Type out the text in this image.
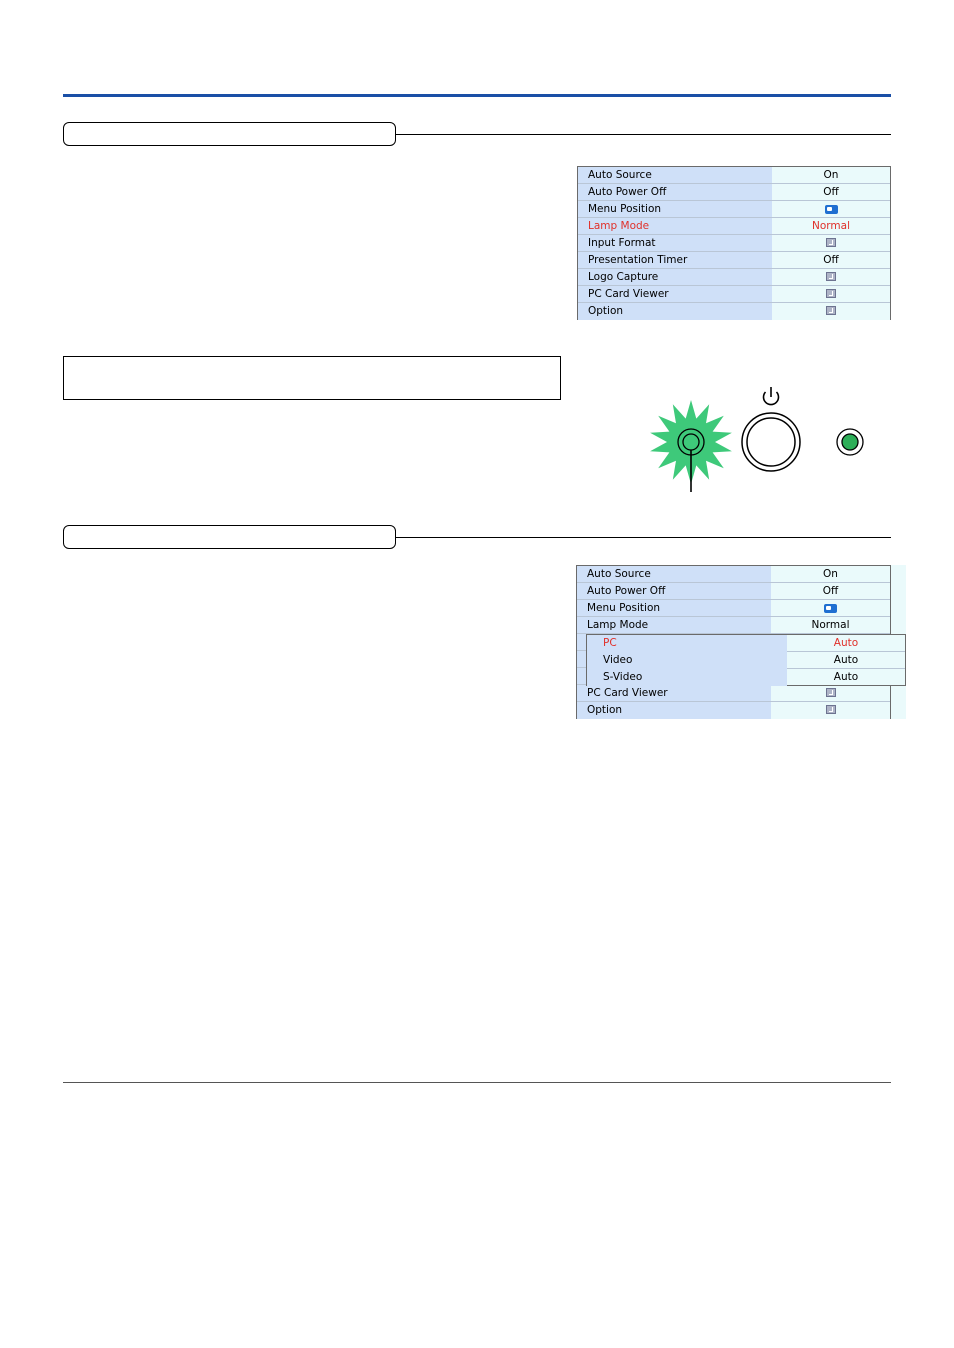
Auto Source	On
Auto Power Off	Off
Menu Position
Lamp Mode	Normal
Input Format
Presentation Timer	Off
Logo Capture
PC Card Viewer
Option
Auto Source	On
Auto Power Off	Off
Menu Position
Lamp Mode	Normal
PC Card Viewer
Option
PC	Auto
Video	Auto
S-Video	Auto
